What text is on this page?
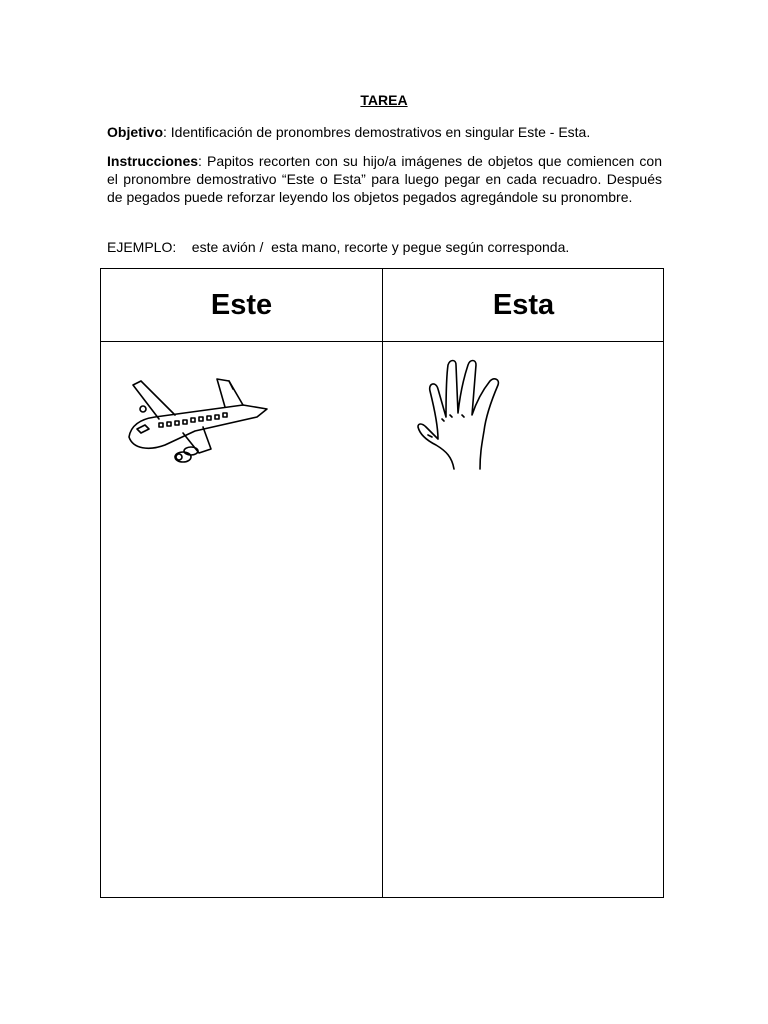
TAREA
Objetivo: Identificación de pronombres demostrativos en singular Este - Esta.
Instrucciones: Papitos recorten con su hijo/a imágenes de objetos que comiencen con el pronombre demostrativo “Este o Esta” para luego pegar en cada recuadro. Después de pegados puede reforzar leyendo los objetos pegados agregándole su pronombre.
EJEMPLO:    este avión /  esta mano, recorte y pegue según corresponda.
Este	Esta
